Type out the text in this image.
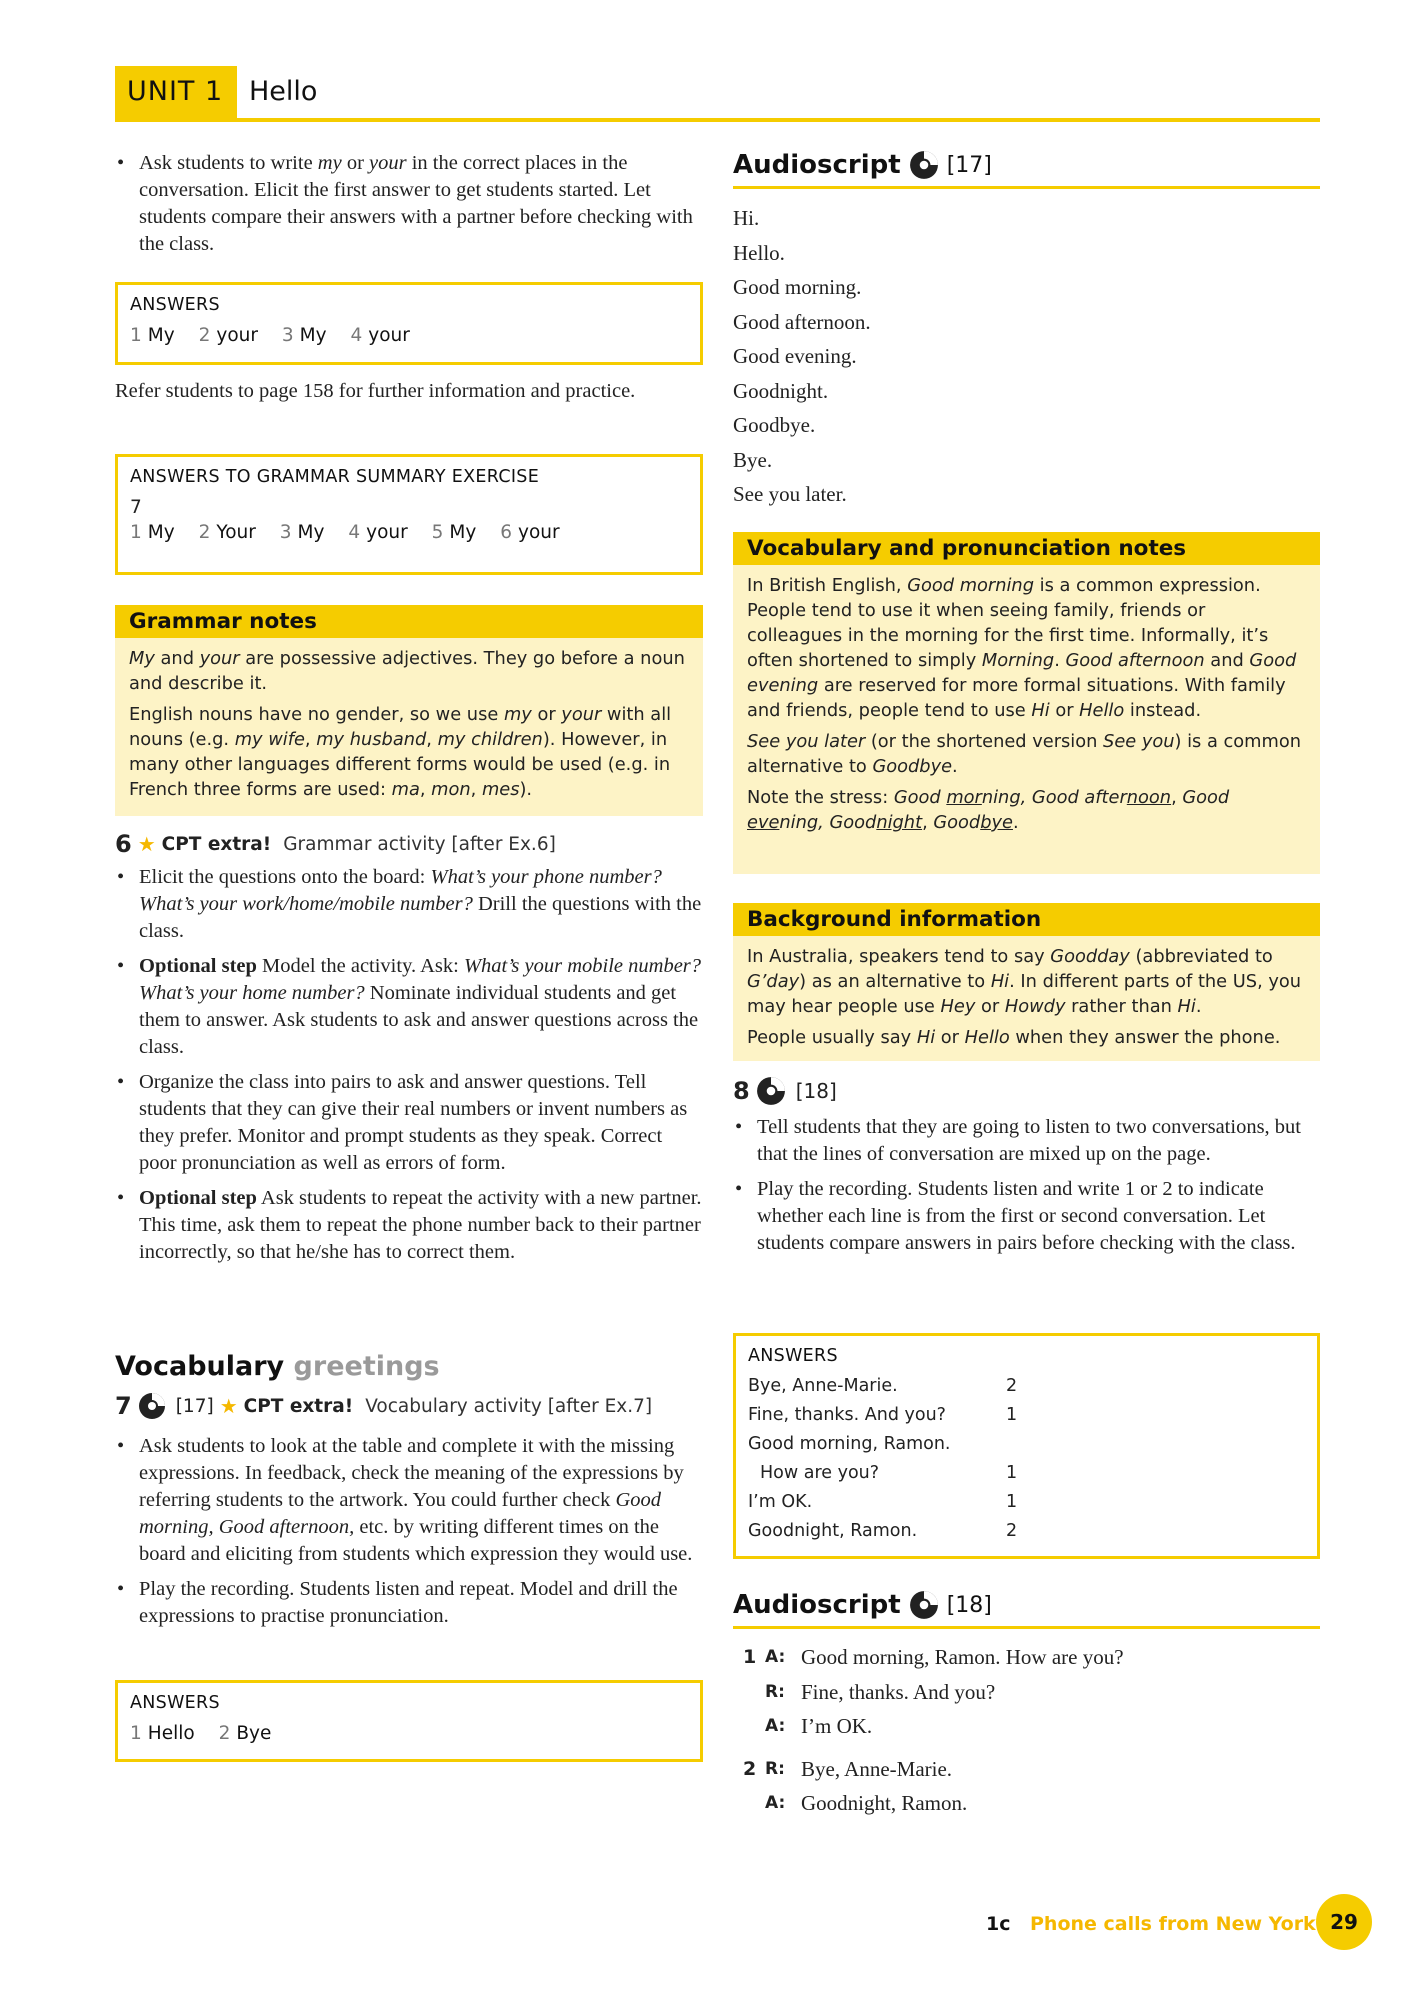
UNIT 1 Hello
• Ask students to write my or your in the correct places in the conversation. Elicit the first answer to get students started. Let students compare their answers with a partner before checking with the class.
ANSWERS
1 My 2 your 3 My 4 your
Refer students to page 158 for further information and practice.
ANSWERS TO GRAMMAR SUMMARY EXERCISE
7
1 My 2 Your 3 My 4 your 5 My 6 your
Grammar notes

My and your are possessive adjectives. They go before a noun and describe it.

English nouns have no gender, so we use my or your with all nouns (e.g. my wife, my husband, my children). However, in many other languages different forms would be used (e.g. in French three forms are used: ma, mon, mes).

6 ★ CPT extra! Grammar activity [after Ex.6]
• Elicit the questions onto the board: What’s your phone number? What’s your work/home/mobile number? Drill the questions with the class.
• Optional step Model the activity. Ask: What’s your mobile number? What’s your home number? Nominate individual students and get them to answer. Ask students to ask and answer questions across the class.
• Organize the class into pairs to ask and answer questions. Tell students that they can give their real numbers or invent numbers as they prefer. Monitor and prompt students as they speak. Correct poor pronunciation as well as errors of form.
• Optional step Ask students to repeat the activity with a new partner. This time, ask them to repeat the phone number back to their partner incorrectly, so that he/she has to correct them.
Vocabulary greetings
7 [17] ★ CPT extra! Vocabulary activity [after Ex.7]
• Ask students to look at the table and complete it with the missing expressions. In feedback, check the meaning of the expressions by referring students to the artwork. You could further check Good morning, Good afternoon, etc. by writing different times on the board and eliciting from students which expression they would use.
• Play the recording. Students listen and repeat. Model and drill the expressions to practise pronunciation.
ANSWERS
1 Hello 2 Bye
Audioscript [17]
Hi.
Hello.
Good morning.
Good afternoon.
Good evening.
Goodnight.
Goodbye.
Bye.
See you later.
Vocabulary and pronunciation notes

In British English, Good morning is a common expression. People tend to use it when seeing family, friends or colleagues in the morning for the first time. Informally, it’s often shortened to simply Morning. Good afternoon and Good evening are reserved for more formal situations. With family and friends, people tend to use Hi or Hello instead.

See you later (or the shortened version See you) is a common alternative to Goodbye.

Note the stress: Good morning, Good afternoon, Good evening, Goodnight, Goodbye.

Background information

In Australia, speakers tend to say Goodday (abbreviated to G’day) as an alternative to Hi. In different parts of the US, you may hear people use Hey or Howdy rather than Hi.

People usually say Hi or Hello when they answer the phone.

8 [18]
• Tell students that they are going to listen to two conversations, but that the lines of conversation are mixed up on the page.
• Play the recording. Students listen and write 1 or 2 to indicate whether each line is from the first or second conversation. Let students compare answers in pairs before checking with the class.
ANSWERS
Bye, Anne-Marie.	2
Fine, thanks. And you?	1
Good morning, Ramon.
How are you?	1
I’m OK.	1
Goodnight, Ramon.	2
Audioscript [18]
1 A: Good morning, Ramon. How are you?
R: Fine, thanks. And you?
A: I’m OK.
2 R: Bye, Anne-Marie.
A: Goodnight, Ramon.
1c Phone calls from New York 29
